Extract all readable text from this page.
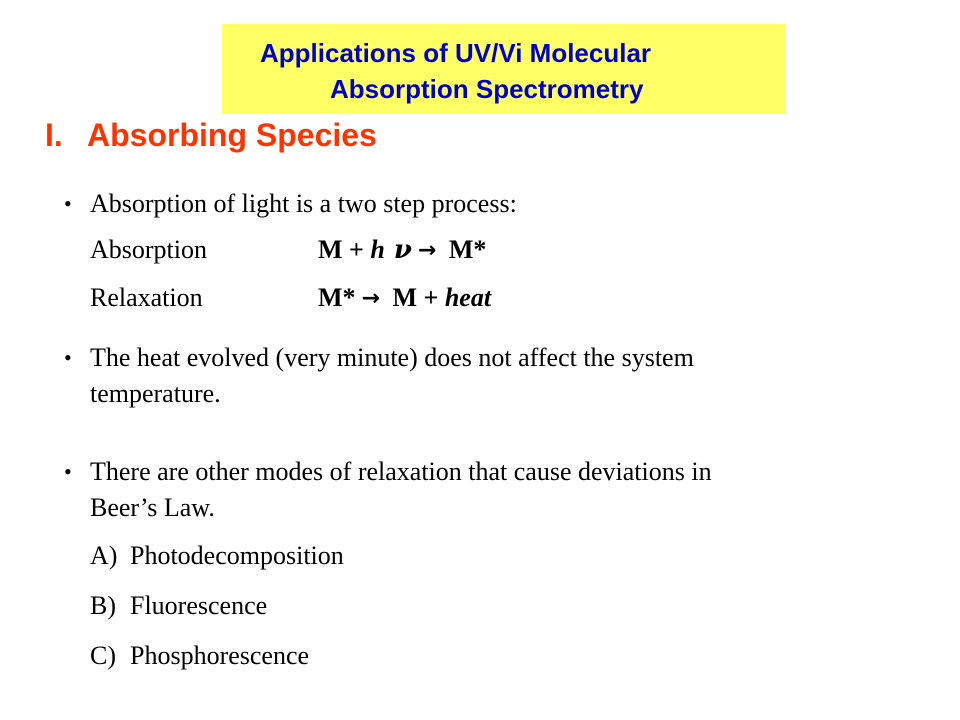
Applications of UV/Vi Molecular
Absorption Spectrometry
I. Absorbing Species
• Absorption of light is a two step process:
Absorption	M + h ν → M*
Relaxation	M* → M + heat
• The heat evolved (very minute) does not affect the system
temperature.
• There are other modes of relaxation that cause deviations in
Beer’s Law.
A) Photodecomposition
B) Fluorescence
C) Phosphorescence
